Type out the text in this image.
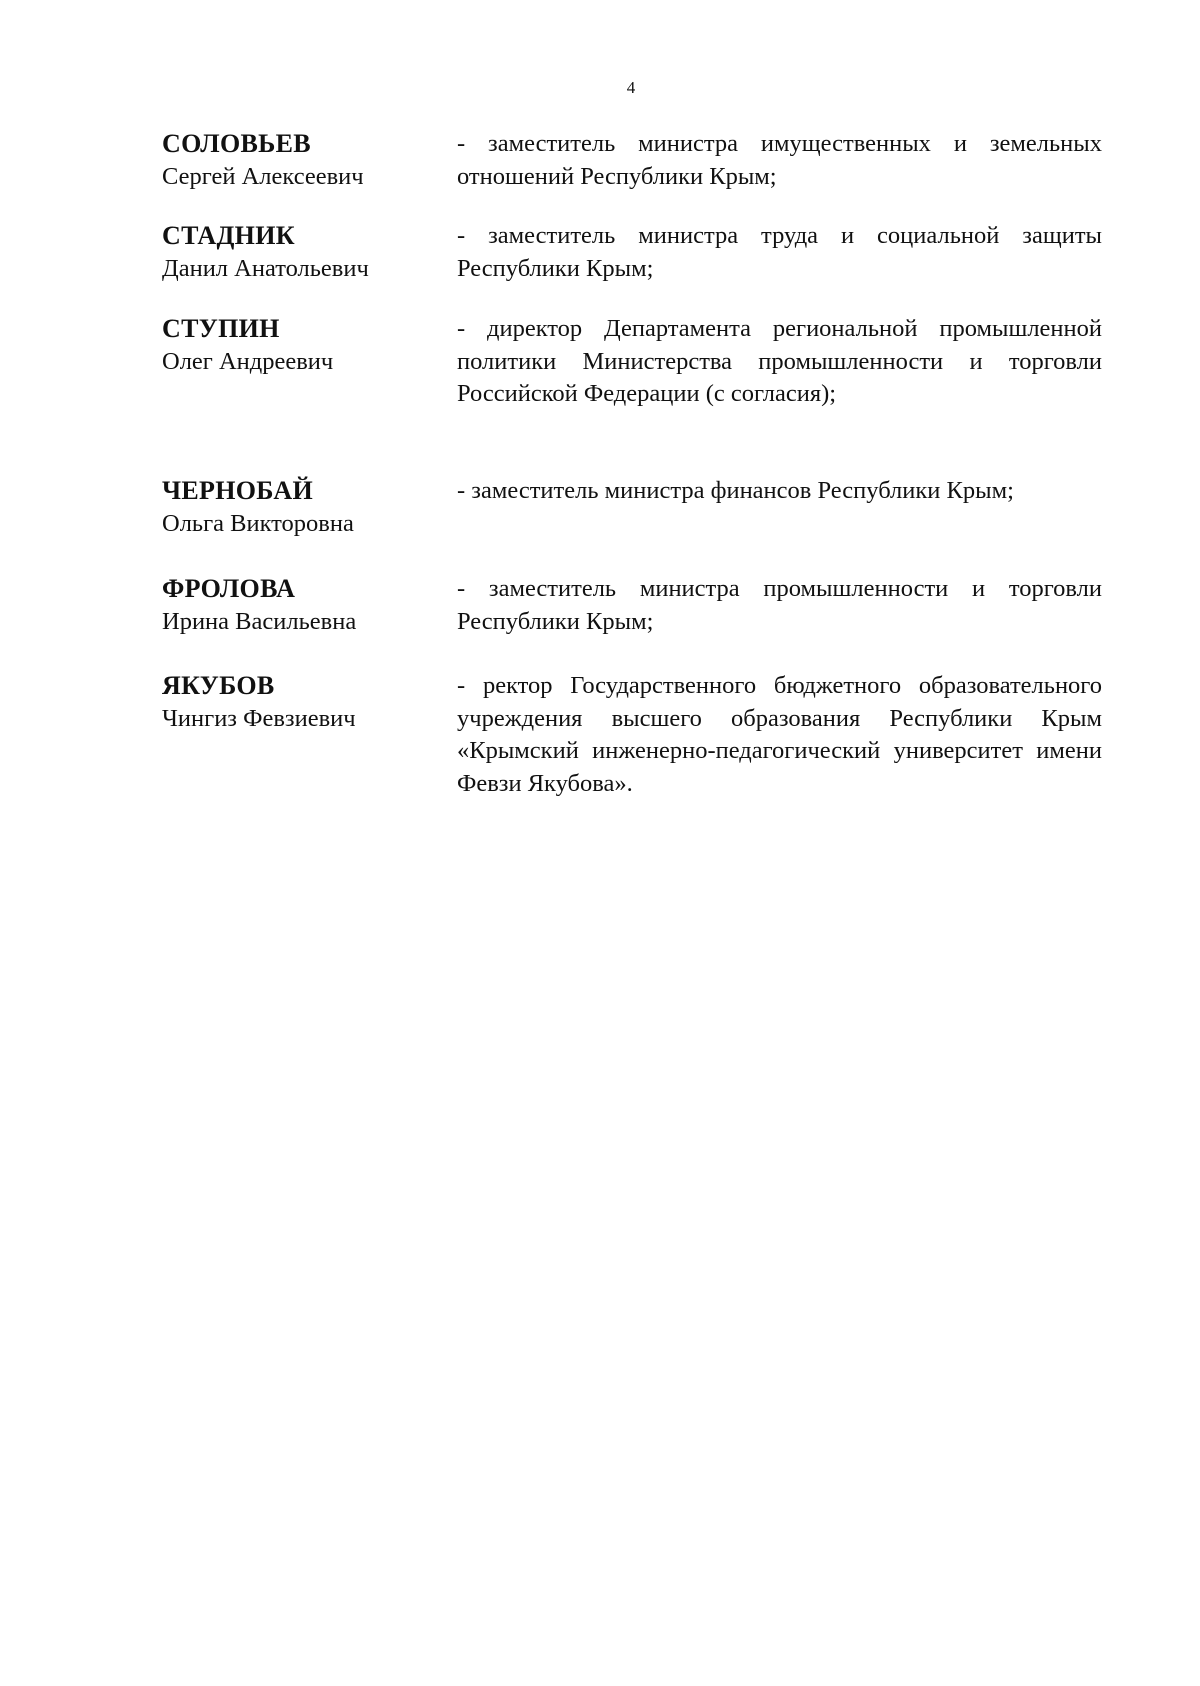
4
СОЛОВЬЕВ
Сергей Алексеевич
- заместитель министра имущественных и земельных отношений Республики Крым;
СТАДНИК
Данил Анатольевич
- заместитель министра труда и социальной защиты Республики Крым;
СТУПИН
Олег Андреевич
- директор Департамента региональной промышленной политики Министерства промышленности и торговли Российской Федерации (с согласия);
ЧЕРНОБАЙ
Ольга Викторовна
- заместитель министра финансов Республики Крым;
ФРОЛОВА
Ирина Васильевна
- заместитель министра промышленности и торговли Республики Крым;
ЯКУБОВ
Чингиз Февзиевич
- ректор Государственного бюджетного образовательного учреждения высшего образования Республики Крым «Крымский инженерно-педагогический университет имени Февзи Якубова».
